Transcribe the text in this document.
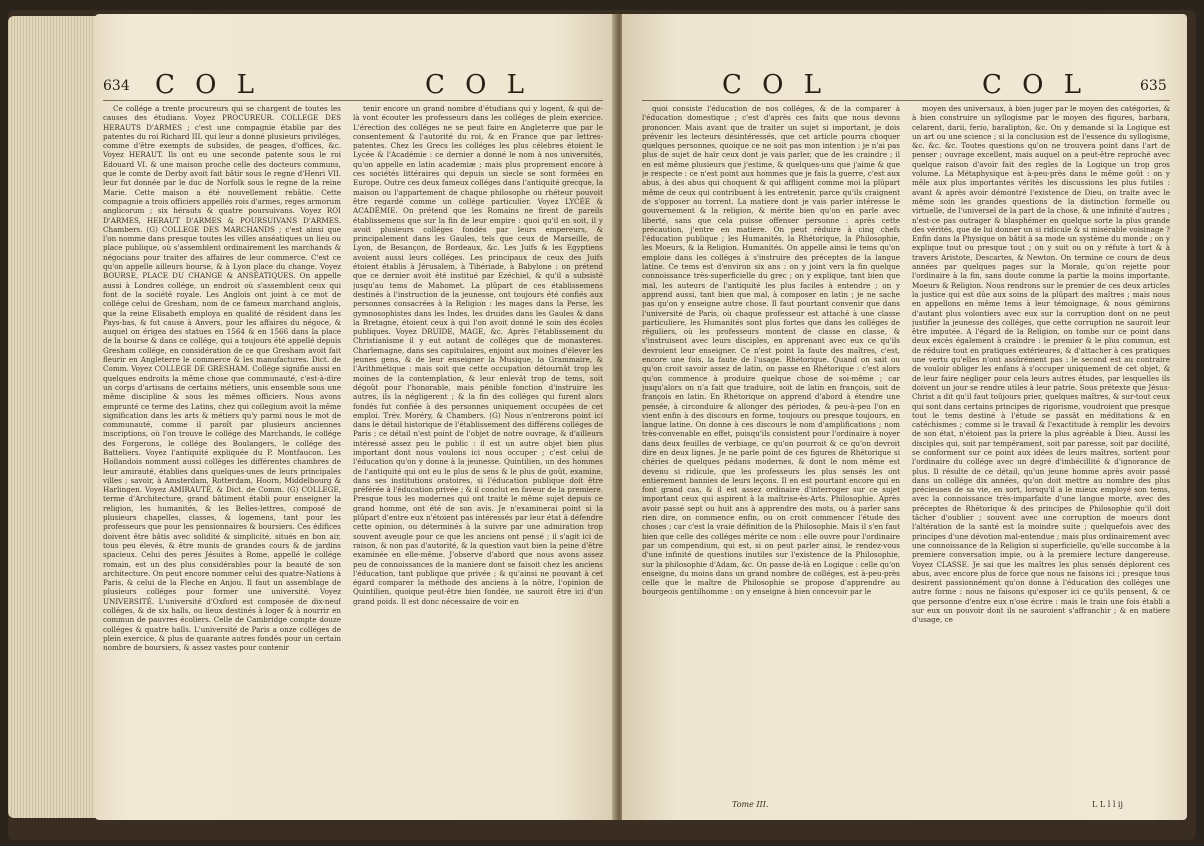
634 C O L	C O L

Ce collége a trente procureurs qui se chargent de toutes les causes des étudians. Voyez PROCUREUR. COLLEGE DES HERAUTS D'ARMES ; c'est une compagnie établie par des patentes du roi Richard III. qui leur a donné plusieurs priviléges, comme d'être exempts de subsides, de peages, d'offices, &c. Voyez HERAUT. Ils ont eu une seconde patente sous le roi Edouard VI. & une maison proche celle des docteurs communs, que le comte de Derby avoit fait bâtir sous le regne d'Henri VII. leur fut donnée par le duc de Norfolk sous le regne de la reine Marie. Cette maison a été nouvellement rebâtie. Cette compagnie a trois officiers appellés rois d'armes, reges armorum anglicorum ; six hérauts & quatre poursuivans. Voyez ROI D'ARMES, HERAUT D'ARMES & POURSUIVANS D'ARMES. Chambers. (G) COLLEGE DES MARCHANDS ; c'est ainsi que l'on nomme dans presque toutes les villes anséatiques un lieu ou place publique, où s'assemblent ordinairement les marchands & négocians pour traiter des affaires de leur commerce. C'est ce qu'on appelle ailleurs bourse, & à Lyon place du change. Voyez BOURSE, PLACE DU CHANGE & ANSÉATIQUES. On appelle aussi à Londres collége, un endroit où s'assemblent ceux qui font de la société royale. Les Anglois ont joint à ce mot de collége celui de Gresham, nom de ce fameux marchand anglois, que la reine Elisabeth employa en qualité de résident dans les Pays-bas, & fut cause à Anvers, pour les affaires du négoce, & auquel on érigea des statues en 1564 & en 1566 dans la place de la bourse & dans ce collége, qui a toujours été appellé depuis Gresham collége, en considération de ce que Gresham avoit fait fleurir en Angleterre le commerce & les manufactures. Dict. de Comm. Voyez COLLEGE DE GRESHAM. Collége signifie aussi en quelques endroits la même chose que communauté, c'est-à-dire un corps d'artisans de certains métiers, unis ensemble sous une même discipline & sous les mêmes officiers. Nous avons emprunté ce terme des Latins, chez qui collegium avoit la même signification dans les arts & métiers qu'y parmi nous le mot de communauté, comme il paroît par plusieurs anciennes inscriptions, où l'on trouve le collége des Marchands, le collége des Forgerons, le collége des Boulangers, le collége des Batteliers. Voyez l'antiquité expliquée du P. Montfaucon. Les Hollandois nomment aussi colléges les différentes chambres de leur amirauté, établies dans quelques-unes de leurs principales villes ; savoir, à Amsterdam, Rotterdam, Hoorn, Middelbourg & Harlingen. Voyez AMIRAUTÉ, & Dict. de Comm. (G) COLLEGE, terme d'Architecture, grand bâtiment établi pour enseigner la religion, les humanités, & les Belles-lettres, composé de plusieurs chapelles, classes, & logemens, tant pour les professeurs que pour les pensionnaires & boursiers. Ces édifices doivent être bâtis avec solidité & simplicité, situés en bon air, tous peu élevés, & être munis de grandes cours & de jardins spacieux. Celui des peres Jésuites à Rome, appellé le collége romain, est un des plus considérables pour la beauté de son architecture. On peut encore nommer celui des quatre-Nations à Paris, & celui de la Fleche en Anjou. Il faut un assemblage de plusieurs colléges pour former une université. Voyez UNIVERSITÉ. L'université d'Oxford est composée de dix-neuf colléges, & de six halls, ou lieux destinés à loger & à nourrir en commun de pauvres écoliers. Celle de Cambridge compte douze colléges & quatre halls. L'université de Paris a onze colléges de plein exercice, & plus de quarante autres fondés pour un certain nombre de boursiers, & assez vastes pour contenir

tenir encore un grand nombre d'étudians qui y logent, & qui de-là vont écouter les professeurs dans les colléges de plein exercice. L'érection des colléges ne se peut faire en Angleterre que par le consentement & l'autorité du roi, & en France que par lettres-patentes. Chez les Grecs les colléges les plus célebres étoient le Lycée & l'Académie : ce dernier a donné le nom à nos universités, qu'on appelle en latin academiæ ; mais plus proprement encore à ces sociétés littéraires qui depuis un siecle se sont formées en Europe. Outre ces deux fameux colléges dans l'antiquité grecque, la maison ou l'appartement de chaque philosophe ou rhéteur pouvoit être regardé comme un collége particulier. Voyez LYCÉE & ACADÉMIE. On prétend que les Romains ne firent de pareils établissemens que sur la fin de leur empire : quoi qu'il en soit, il y avoit plusieurs colléges fondés par leurs empereurs, & principalement dans les Gaules, tels que ceux de Marseille, de Lyon, de Besançon, de Bordeaux, &c. Les Juifs & les Egyptiens avoient aussi leurs colléges. Les principaux de ceux des Juifs étoient établis à Jérusalem, à Tibériade, à Babylone : on prétend que ce dernier avoit été institué par Ezéchiel, & qu'il a subsisté jusqu'au tems de Mahomet. La plûpart de ces établissemens destinés à l'instruction de la jeunesse, ont toujours été confiés aux personnes consacrées à la Religion : les mages dans la Perse, les gymnosophistes dans les Indes, les druides dans les Gaules & dans la Bretagne, étoient ceux à qui l'on avoit donné le soin des écoles publiques. Voyez DRUIDE, MAGE, &c. Après l'établissement du Christianisme il y eut autant de colléges que de monasteres. Charlemagne, dans ses capitulaires, enjoint aux moines d'élever les jeunes gens, & de leur enseigner la Musique, la Grammaire, & l'Arithmétique : mais soit que cette occupation détournât trop les moines de la contemplation, & leur enlevât trop de tems, soit dégoût pour l'honorable, mais pénible fonction d'instruire les autres, ils la négligerent ; & la fin des colléges qui furent alors fondés fut confiée à des personnes uniquement occupées de cet emploi. Trév. Moréry, & Chambers. (G) Nous n'entrerons point ici dans le détail historique de l'établissement des différens colléges de Paris ; ce détail n'est point de l'objet de notre ouvrage, & d'ailleurs intéressé assez peu le public : il est un autre objet bien plus important dont nous voulons ici nous occuper ; c'est celui de l'éducation qu'on y donne à la jeunesse. Quintilien, un des hommes de l'antiquité qui ont eu le plus de sens & le plus de goût, examine, dans ses institutions oratoires, si l'éducation publique doit être préférée à l'éducation privée ; & il conclut en faveur de la premiere. Presque tous les modernes qui ont traité le même sujet depuis ce grand homme, ont été de son avis. Je n'examinerai point si la plûpart d'entre eux n'étoient pas intéressés par leur état à défendre cette opinion, ou déterminés à la suivre par une admiration trop souvent aveugle pour ce que les anciens ont pensé ; il s'agit ici de raison, & non pas d'autorité, & la question vaut bien la peine d'être examinée en elle-même. J'observe d'abord que nous avons assez peu de connoissances de la maniere dont se faisoit chez les anciens l'éducation, tant publique que privée ; & qu'ainsi ne pouvant à cet égard comparer la méthode des anciens à la nôtre, l'opinion de Quintilien, quoique peut-être bien fondée, ne sauroit être ici d'un grand poids. Il est donc nécessaire de voir en

C O L	C O L	635

quoi consiste l'éducation de nos colléges, & de la comparer à l'éducation domestique ; c'est d'après ces faits que nous devons prononcer. Mais avant que de traiter un sujet si important, je dois prévenir les lecteurs désintéressés, que cet article pourra choquer quelques personnes, quoique ce ne soit pas mon intention : je n'ai pas plus de sujet de haïr ceux dont je vais parler, que de les craindre ; il en est même plusieurs que j'estime, & quelques-uns que j'aime & que je respecte : ce n'est point aux hommes que je fais la guerre, c'est aux abus, à des abus qui choquent & qui affligent comme moi la plûpart même de ceux qui contribuent à les entretenir, parce qu'ils craignent de s'opposer au torrent. La matiere dont je vais parler intéresse le gouvernement & la religion, & mérite bien qu'on en parle avec liberté, sans que cela puisse offenser personne : après cette précaution, j'entre en matiere. On peut réduire à cinq chefs l'éducation publique ; les Humanités, la Rhétorique, la Philosophie, les Moeurs, & la Religion. Humanités. On appelle ainsi le tems qu'on emploie dans les colléges à s'instruire des préceptes de la langue latine. Ce tems est d'environ six ans : on y joint vers la fin quelque connoissance très-superficielle du grec ; on y explique, tant bien que mal, les auteurs de l'antiquité les plus faciles à entendre ; on y apprend aussi, tant bien que mal, à composer en latin ; je ne sache pas qu'on y enseigne autre chose. Il faut pourtant convenir que dans l'université de Paris, où chaque professeur est attaché à une classe particuliere, les Humanités sont plus fortes que dans les colléges de réguliers, où les professeurs montent de classe en classe, & s'instruisent avec leurs disciples, en apprenant avec eux ce qu'ils devroient leur enseigner. Ce n'est point la faute des maîtres, c'est, encore une fois, la faute de l'usage. Rhétorique. Quand on sait ou qu'on croit savoir assez de latin, on passe en Rhétorique : c'est alors qu'on commence à produire quelque chose de soi-même ; car jusqu'alors on n'a fait que traduire, soit de latin en françois, soit de françois en latin. En Rhétorique on apprend d'abord à étendre une pensée, à circonduire & allonger des périodes, & peu-à-peu l'on en vient enfin à des discours en forme, toujours ou presque toujours, en langue latine. On donne à ces discours le nom d'amplifications ; nom très-convenable en effet, puisqu'ils consistent pour l'ordinaire à noyer dans deux feuilles de verbiage, ce qu'on pourroit & ce qu'on devroit dire en deux lignes. Je ne parle point de ces figures de Rhétorique si chéries de quelques pédans modernes, & dont le nom même est devenu si ridicule, que les professeurs les plus sensés les ont entierement bannies de leurs leçons. Il en est pourtant encore qui en font grand cas, & il est assez ordinaire d'interroger sur ce sujet important ceux qui aspirent à la maîtrise-ès-Arts. Philosophie. Après avoir passé sept ou huit ans à apprendre des mots, ou à parler sans rien dire, on commence enfin, ou on croit commencer l'étude des choses ; car c'est la vraie définition de la Philosophie. Mais il s'en faut bien que celle des colléges mérite ce nom : elle ouvre pour l'ordinaire par un compendium, qui est, si on peut parler ainsi, le rendez-vous d'une infinité de questions inutiles sur l'existence de la Philosophie, sur la philosophie d'Adam, &c. On passe de-là en Logique : celle qu'on enseigne, du moins dans un grand nombre de colléges, est à-peu-près celle que le maître de Philosophie se propose d'apprendre au bourgeois gentilhomme : on y enseigne à bien concevoir par le

moyen des universaux, à bien juger par le moyen des catégories, & à bien construire un syllogisme par le moyen des figures, barbara, celarent, darii, ferio, baralipton, &c. On y demande si la Logique est un art ou une science ; si la conclusion est de l'essence du syllogisme, &c. &c. &c. Toutes questions qu'on ne trouvera point dans l'art de penser ; ouvrage excellent, mais auquel on a peut-être reproché avec quelque raison d'avoir fait des regles de la Logique un trop gros volume. La Métaphysique est à-peu-près dans le même goût : on y mêle aux plus importantes vérités les discussions les plus futiles : avant & après avoir démontré l'existence de Dieu, on traite avec le même soin les grandes questions de la distinction formelle ou virtuelle, de l'universel de la part de la chose, & une infinité d'autres ; n'est-ce pas outrager & blasphémer en quelque sorte la plus grande des vérités, que de lui donner un si ridicule & si misérable voisinage ? Enfin dans la Physique on bâtit à sa mode un système du monde ; on y explique tout ou presque tout ; on y suit ou on y réfute à tort & à travers Aristote, Descartes, & Newton. On termine ce cours de deux années par quelques pages sur la Morale, qu'on rejette pour l'ordinaire à la fin, sans doute comme la partie la moins importante. Moeurs & Religion. Nous rendrons sur le premier de ces deux articles la justice qui est dûe aux soins de la plûpart des maîtres ; mais nous en appellons en même tems à leur témoignage, & nous gémirons d'autant plus volontiers avec eux sur la corruption dont on ne peut justifier la jeunesse des colléges, que cette corruption ne sauroit leur être imputée. A l'égard de la Religion, on tombe sur ce point dans deux excès également à craindre : le premier & le plus commun, est de réduire tout en pratiques extérieures, & d'attacher à ces pratiques une vertu qu'elles n'ont assûrément pas : le second est au contraire de vouloir obliger les enfans à s'occuper uniquement de cet objet, & de leur faire négliger pour cela leurs autres études, par lesquelles ils doivent un jour se rendre utiles à leur patrie. Sous prétexte que Jésus-Christ a dit qu'il faut toûjours prier, quelques maîtres, & sur-tout ceux qui sont dans certains principes de rigorisme, voudroient que presque tout le tems destiné à l'étude se passât en méditations & en catéchismes ; comme si le travail & l'exactitude à remplir les devoirs de son état, n'étoient pas la priere la plus agréable à Dieu. Aussi les disciples qui, soit par tempérament, soit par paresse, soit par docilité, se conforment sur ce point aux idées de leurs maîtres, sortent pour l'ordinaire du collége avec un degré d'imbécillité & d'ignorance de plus. Il résulte de ce détail, qu'un jeune homme après avoir passé dans un collége dix années, qu'on doit mettre au nombre des plus précieuses de sa vie, en sort, lorsqu'il a le mieux employé son tems, avec la connoissance très-imparfaite d'une langue morte, avec des préceptes de Rhétorique & des principes de Philosophie qu'il doit tâcher d'oublier ; souvent avec une corruption de moeurs dont l'altération de la santé est la moindre suite ; quelquefois avec des principes d'une dévotion mal-entendue ; mais plus ordinairement avec une connoissance de la Religion si superficielle, qu'elle succombe à la premiere conversation impie, ou à la premiere lecture dangereuse. Voyez CLASSE. Je sai que les maîtres les plus sensés déplorent ces abus, avec encore plus de force que nous ne faisons ici ; presque tous desirent passionnément qu'on donne à l'éducation des colléges une autre forme : nous ne faisons qu'exposer ici ce qu'ils pensent, & ce que personne d'entre eux n'ose écrire : mais le train une fois établi a sur eux un pouvoir dont ils ne sauroient s'affranchir ; & en matiere d'usage, ce

Tome III.	L L l l ij
